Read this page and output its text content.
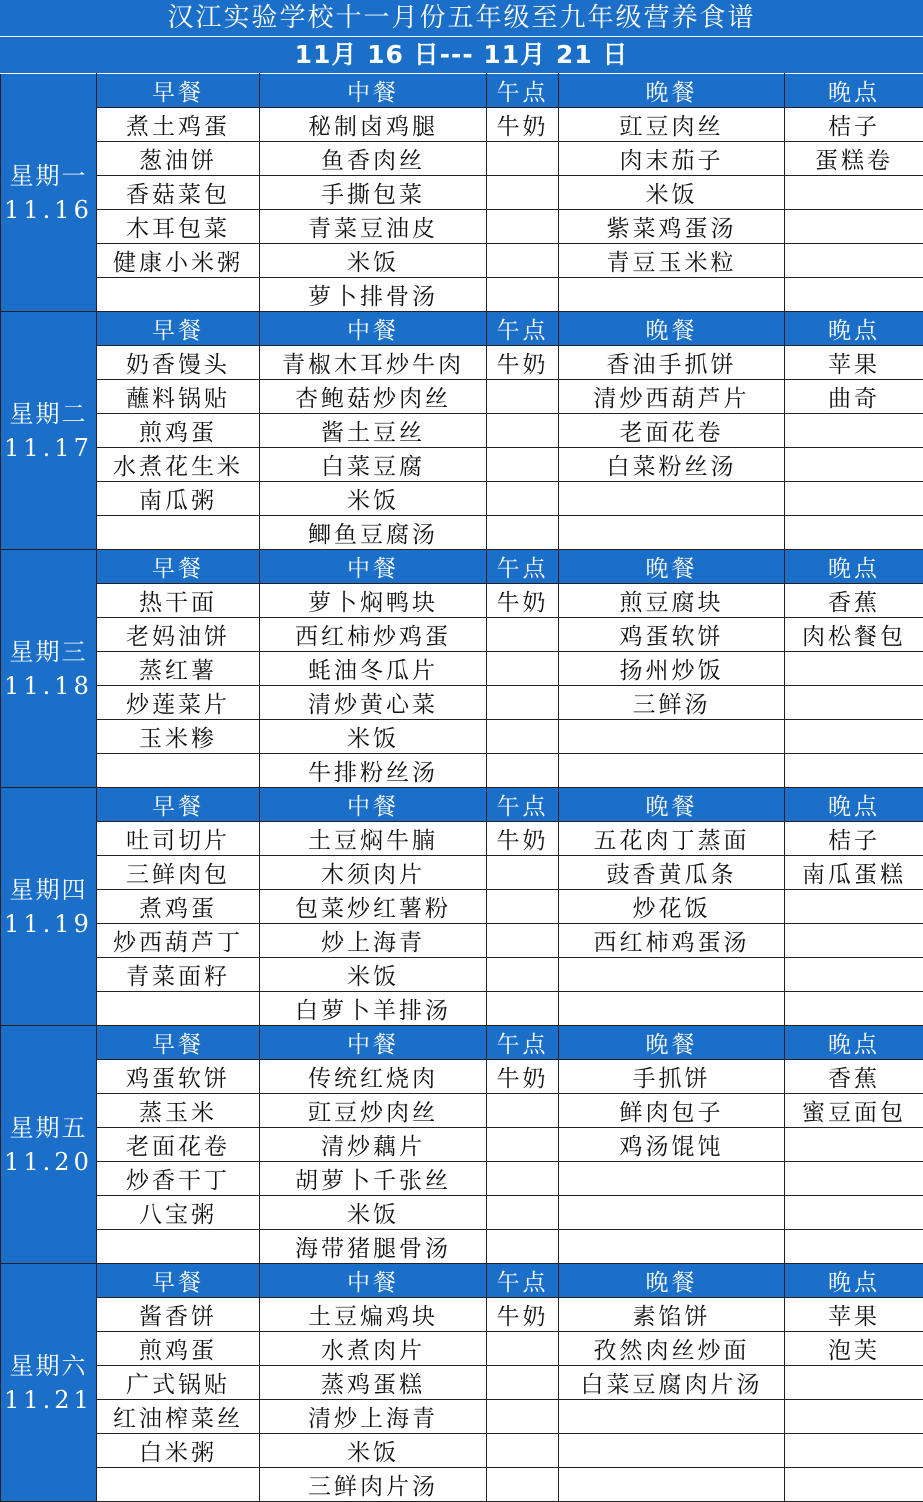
汉江实验学校十一月份五年级至九年级营养食谱
11月 16 日--- 11月 21 日
星期一
11.16	早餐	中餐	午点	晚餐	晚点
	煮土鸡蛋	秘制卤鸡腿	牛奶	豇豆肉丝	桔子
	葱油饼	鱼香肉丝		肉末茄子	蛋糕卷
	香菇菜包	手撕包菜		米饭	
	木耳包菜	青菜豆油皮		紫菜鸡蛋汤	
	健康小米粥	米饭		青豆玉米粒	
		萝卜排骨汤			
星期二
11.17	早餐	中餐	午点	晚餐	晚点
	奶香馒头	青椒木耳炒牛肉	牛奶	香油手抓饼	苹果
	蘸料锅贴	杏鲍菇炒肉丝		清炒西葫芦片	曲奇
	煎鸡蛋	酱土豆丝		老面花卷	
	水煮花生米	白菜豆腐		白菜粉丝汤	
	南瓜粥	米饭			
		鲫鱼豆腐汤			
星期三
11.18	早餐	中餐	午点	晚餐	晚点
	热干面	萝卜焖鸭块	牛奶	煎豆腐块	香蕉
	老妈油饼	西红柿炒鸡蛋		鸡蛋软饼	肉松餐包
	蒸红薯	蚝油冬瓜片		扬州炒饭	
	炒莲菜片	清炒黄心菜		三鲜汤	
	玉米糁	米饭			
		牛排粉丝汤			
星期四
11.19	早餐	中餐	午点	晚餐	晚点
	吐司切片	土豆焖牛腩	牛奶	五花肉丁蒸面	桔子
	三鲜肉包	木须肉片		豉香黄瓜条	南瓜蛋糕
	煮鸡蛋	包菜炒红薯粉		炒花饭	
	炒西葫芦丁	炒上海青		西红柿鸡蛋汤	
	青菜面籽	米饭			
		白萝卜羊排汤			
星期五
11.20	早餐	中餐	午点	晚餐	晚点
	鸡蛋软饼	传统红烧肉	牛奶	手抓饼	香蕉
	蒸玉米	豇豆炒肉丝		鲜肉包子	蜜豆面包
	老面花卷	清炒藕片		鸡汤馄饨	
	炒香干丁	胡萝卜千张丝			
	八宝粥	米饭			
		海带猪腿骨汤			
星期六
11.21	早餐	中餐	午点	晚餐	晚点
	酱香饼	土豆煸鸡块	牛奶	素馅饼	苹果
	煎鸡蛋	水煮肉片		孜然肉丝炒面	泡芙
	广式锅贴	蒸鸡蛋糕		白菜豆腐肉片汤	
	红油榨菜丝	清炒上海青			
	白米粥	米饭			
		三鲜肉片汤			
